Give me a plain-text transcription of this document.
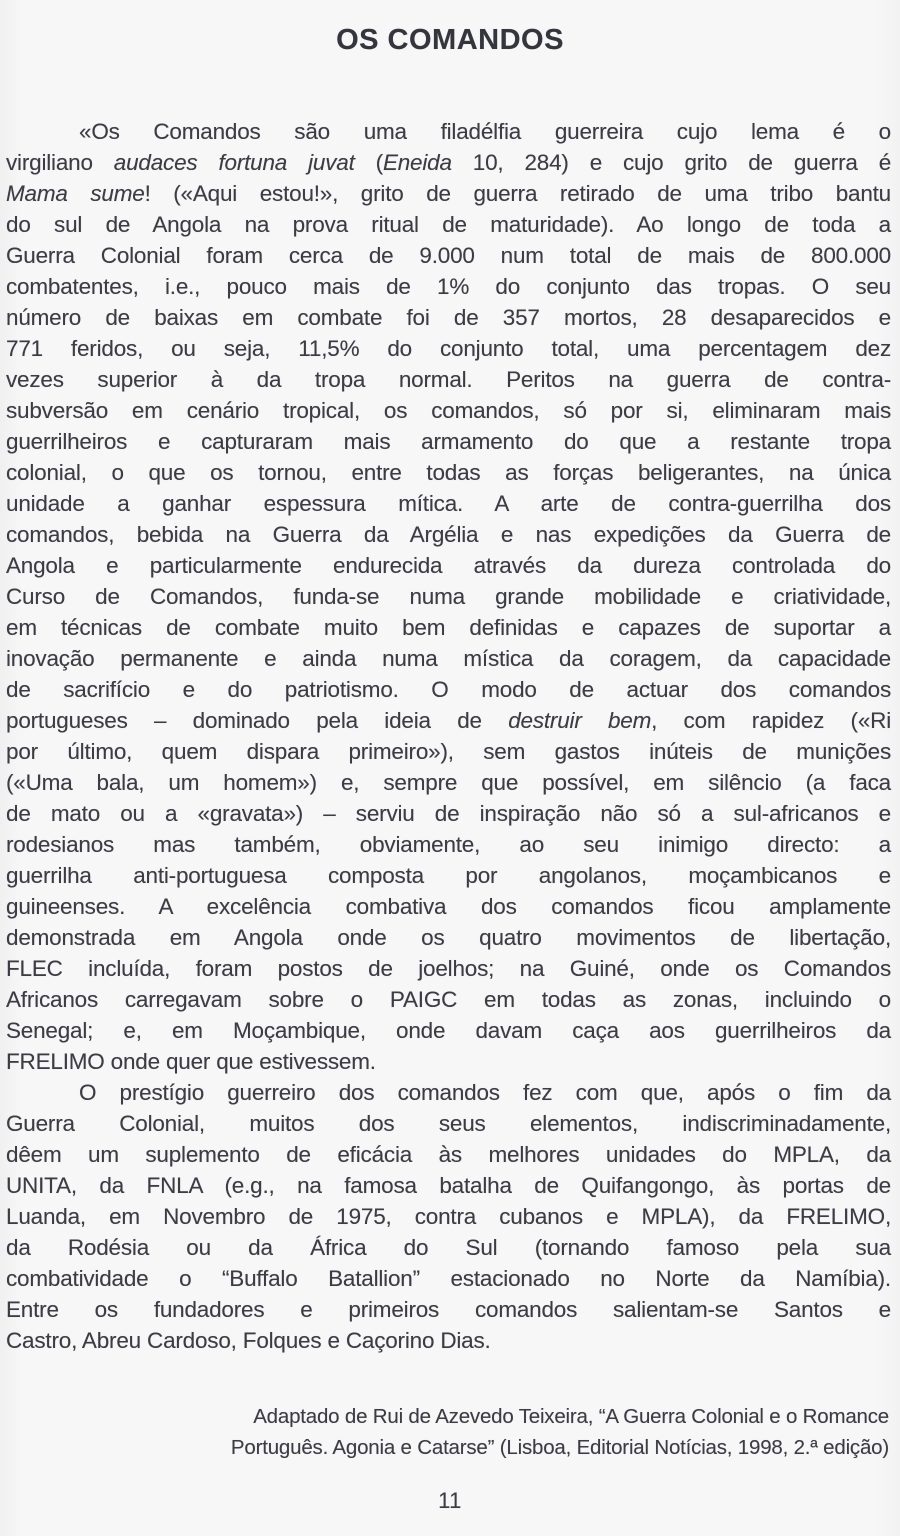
OS COMANDOS
«Os Comandos são uma filadélfia guerreira cujo lema é o
virgiliano audaces fortuna juvat (Eneida 10, 284) e cujo grito de guerra é
Mama sume! («Aqui estou!», grito de guerra retirado de uma tribo bantu
do sul de Angola na prova ritual de maturidade). Ao longo de toda a
Guerra Colonial foram cerca de 9.000 num total de mais de 800.000
combatentes, i.e., pouco mais de 1% do conjunto das tropas. O seu
número de baixas em combate foi de 357 mortos, 28 desaparecidos e
771 feridos, ou seja, 11,5% do conjunto total, uma percentagem dez
vezes superior à da tropa normal. Peritos na guerra de contra-
subversão em cenário tropical, os comandos, só por si, eliminaram mais
guerrilheiros e capturaram mais armamento do que a restante tropa
colonial, o que os tornou, entre todas as forças beligerantes, na única
unidade a ganhar espessura mítica. A arte de contra-guerrilha dos
comandos, bebida na Guerra da Argélia e nas expedições da Guerra de
Angola e particularmente endurecida através da dureza controlada do
Curso de Comandos, funda-se numa grande mobilidade e criatividade,
em técnicas de combate muito bem definidas e capazes de suportar a
inovação permanente e ainda numa mística da coragem, da capacidade
de sacrifício e do patriotismo. O modo de actuar dos comandos
portugueses – dominado pela ideia de destruir bem, com rapidez («Ri
por último, quem dispara primeiro»), sem gastos inúteis de munições
(«Uma bala, um homem») e, sempre que possível, em silêncio (a faca
de mato ou a «gravata») – serviu de inspiração não só a sul-africanos e
rodesianos mas também, obviamente, ao seu inimigo directo: a
guerrilha anti-portuguesa composta por angolanos, moçambicanos e
guineenses. A excelência combativa dos comandos ficou amplamente
demonstrada em Angola onde os quatro movimentos de libertação,
FLEC incluída, foram postos de joelhos; na Guiné, onde os Comandos
Africanos carregavam sobre o PAIGC em todas as zonas, incluindo o
Senegal; e, em Moçambique, onde davam caça aos guerrilheiros da
FRELIMO onde quer que estivessem.
O prestígio guerreiro dos comandos fez com que, após o fim da
Guerra Colonial, muitos dos seus elementos, indiscriminadamente,
dêem um suplemento de eficácia às melhores unidades do MPLA, da
UNITA, da FNLA (e.g., na famosa batalha de Quifangongo, às portas de
Luanda, em Novembro de 1975, contra cubanos e MPLA), da FRELIMO,
da Rodésia ou da África do Sul (tornando famoso pela sua
combatividade o “Buffalo Batallion” estacionado no Norte da Namíbia).
Entre os fundadores e primeiros comandos salientam-se Santos e
Castro, Abreu Cardoso, Folques e Caçorino Dias.
Adaptado de Rui de Azevedo Teixeira, “A Guerra Colonial e o Romance
Português. Agonia e Catarse” (Lisboa, Editorial Notícias, 1998, 2.ª edição)
11
